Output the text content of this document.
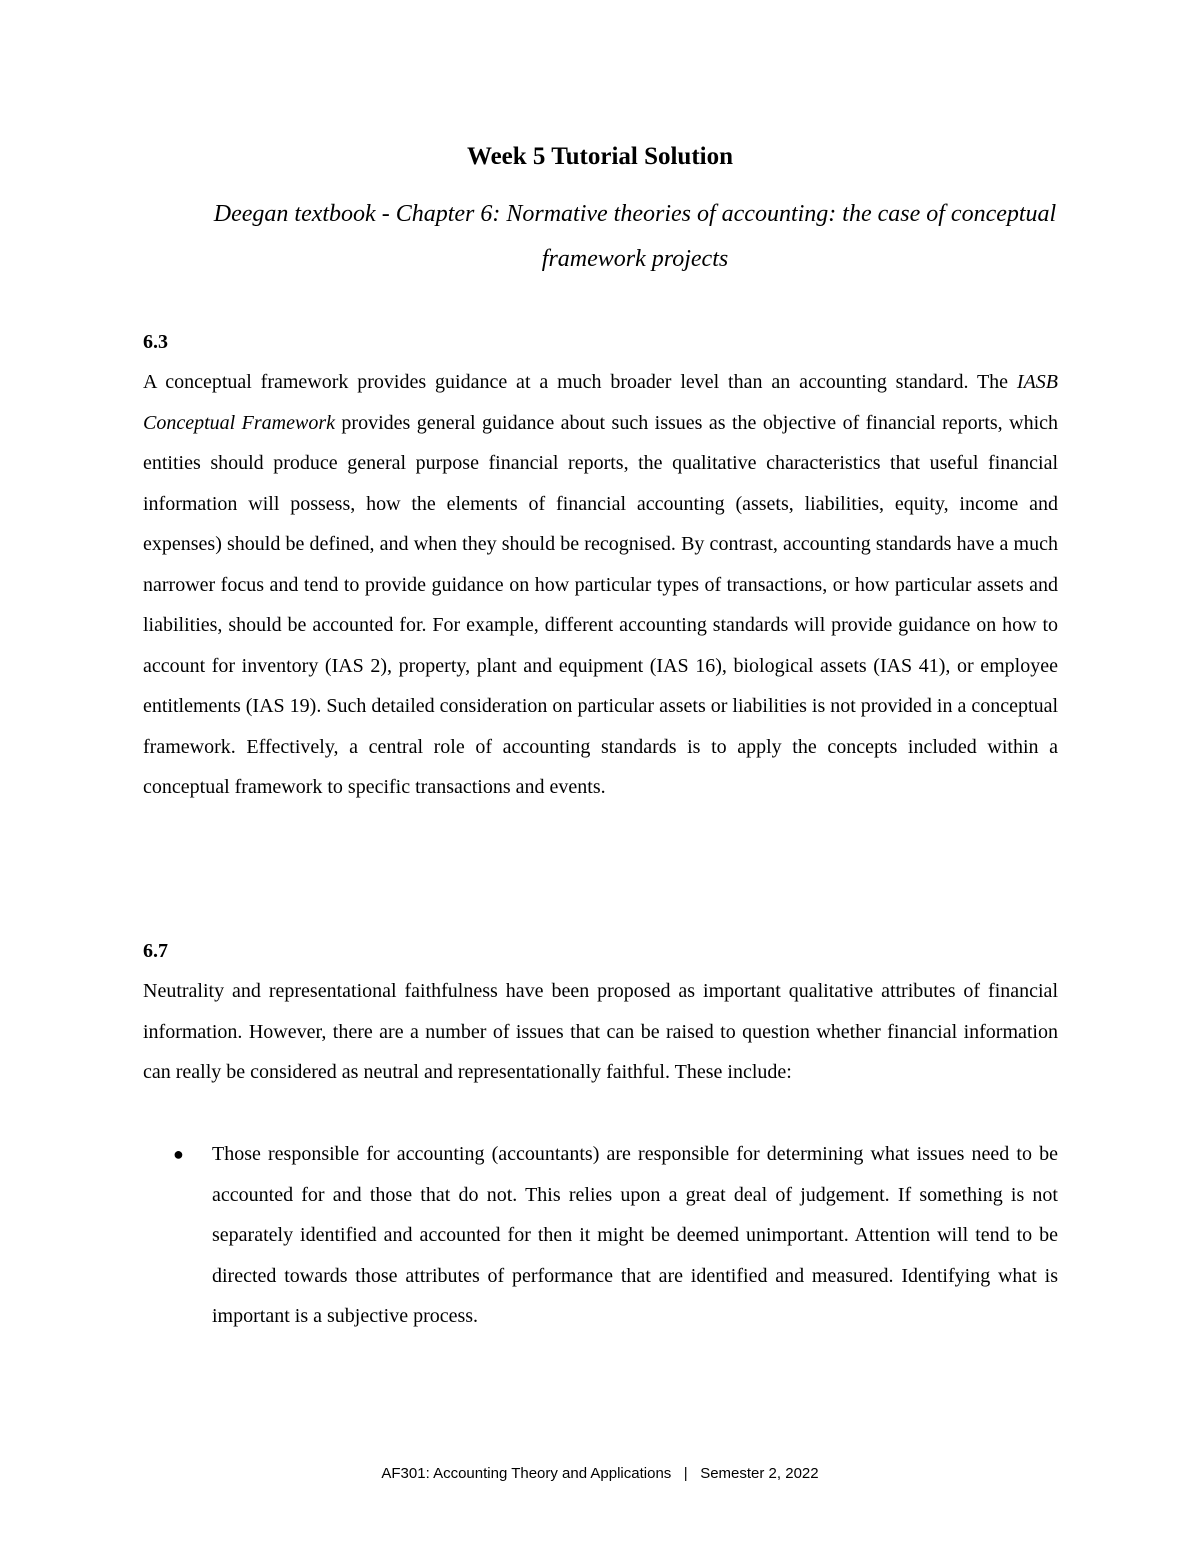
Week 5 Tutorial Solution
Deegan textbook - Chapter 6: Normative theories of accounting: the case of conceptual framework projects
6.3

A conceptual framework provides guidance at a much broader level than an accounting standard. The IASB Conceptual Framework provides general guidance about such issues as the objective of financial reports, which entities should produce general purpose financial reports, the qualitative characteristics that useful financial information will possess, how the elements of financial accounting (assets, liabilities, equity, income and expenses) should be defined, and when they should be recognised. By contrast, accounting standards have a much narrower focus and tend to provide guidance on how particular types of transactions, or how particular assets and liabilities, should be accounted for. For example, different accounting standards will provide guidance on how to account for inventory (IAS 2), property, plant and equipment (IAS 16), biological assets (IAS 41), or employee entitlements (IAS 19). Such detailed consideration on particular assets or liabilities is not provided in a conceptual framework. Effectively, a central role of accounting standards is to apply the concepts included within a conceptual framework to specific transactions and events.

6.7

Neutrality and representational faithfulness have been proposed as important qualitative attributes of financial information. However, there are a number of issues that can be raised to question whether financial information can really be considered as neutral and representationally faithful. These include:

● Those responsible for accounting (accountants) are responsible for determining what issues need to be accounted for and those that do not. This relies upon a great deal of judgement. If something is not separately identified and accounted for then it might be deemed unimportant. Attention will tend to be directed towards those attributes of performance that are identified and measured. Identifying what is important is a subjective process.
AF301: Accounting Theory and Applications   |   Semester 2, 2022
